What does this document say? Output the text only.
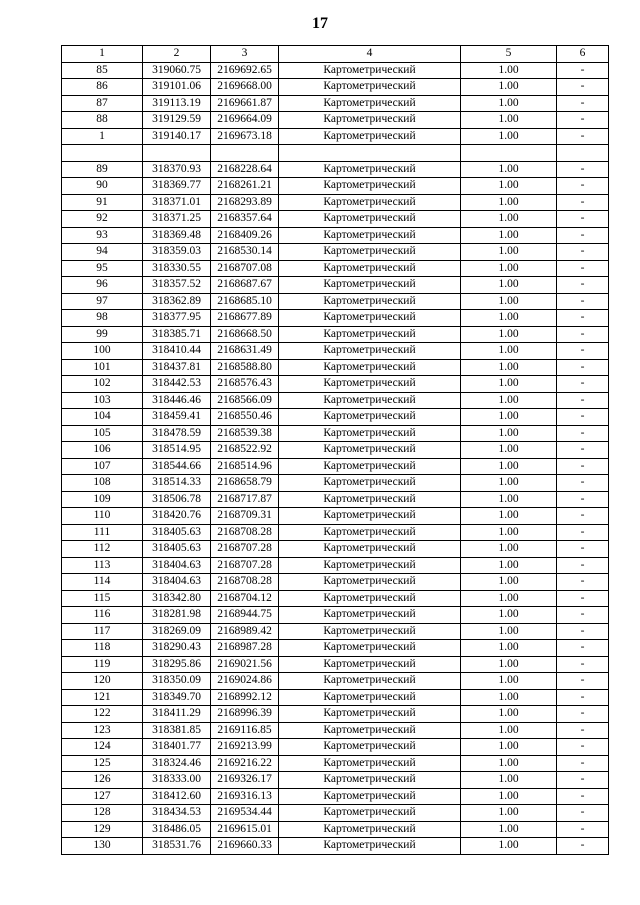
17
1	2	3	4	5	6
85	319060.75	2169692.65	Картометрический	1.00	-
86	319101.06	2169668.00	Картометрический	1.00	-
87	319113.19	2169661.87	Картометрический	1.00	-
88	319129.59	2169664.09	Картометрический	1.00	-
1	319140.17	2169673.18	Картометрический	1.00	-

89	318370.93	2168228.64	Картометрический	1.00	-
90	318369.77	2168261.21	Картометрический	1.00	-
91	318371.01	2168293.89	Картометрический	1.00	-
92	318371.25	2168357.64	Картометрический	1.00	-
93	318369.48	2168409.26	Картометрический	1.00	-
94	318359.03	2168530.14	Картометрический	1.00	-
95	318330.55	2168707.08	Картометрический	1.00	-
96	318357.52	2168687.67	Картометрический	1.00	-
97	318362.89	2168685.10	Картометрический	1.00	-
98	318377.95	2168677.89	Картометрический	1.00	-
99	318385.71	2168668.50	Картометрический	1.00	-
100	318410.44	2168631.49	Картометрический	1.00	-
101	318437.81	2168588.80	Картометрический	1.00	-
102	318442.53	2168576.43	Картометрический	1.00	-
103	318446.46	2168566.09	Картометрический	1.00	-
104	318459.41	2168550.46	Картометрический	1.00	-
105	318478.59	2168539.38	Картометрический	1.00	-
106	318514.95	2168522.92	Картометрический	1.00	-
107	318544.66	2168514.96	Картометрический	1.00	-
108	318514.33	2168658.79	Картометрический	1.00	-
109	318506.78	2168717.87	Картометрический	1.00	-
110	318420.76	2168709.31	Картометрический	1.00	-
111	318405.63	2168708.28	Картометрический	1.00	-
112	318405.63	2168707.28	Картометрический	1.00	-
113	318404.63	2168707.28	Картометрический	1.00	-
114	318404.63	2168708.28	Картометрический	1.00	-
115	318342.80	2168704.12	Картометрический	1.00	-
116	318281.98	2168944.75	Картометрический	1.00	-
117	318269.09	2168989.42	Картометрический	1.00	-
118	318290.43	2168987.28	Картометрический	1.00	-
119	318295.86	2169021.56	Картометрический	1.00	-
120	318350.09	2169024.86	Картометрический	1.00	-
121	318349.70	2168992.12	Картометрический	1.00	-
122	318411.29	2168996.39	Картометрический	1.00	-
123	318381.85	2169116.85	Картометрический	1.00	-
124	318401.77	2169213.99	Картометрический	1.00	-
125	318324.46	2169216.22	Картометрический	1.00	-
126	318333.00	2169326.17	Картометрический	1.00	-
127	318412.60	2169316.13	Картометрический	1.00	-
128	318434.53	2169534.44	Картометрический	1.00	-
129	318486.05	2169615.01	Картометрический	1.00	-
130	318531.76	2169660.33	Картометрический	1.00	-
